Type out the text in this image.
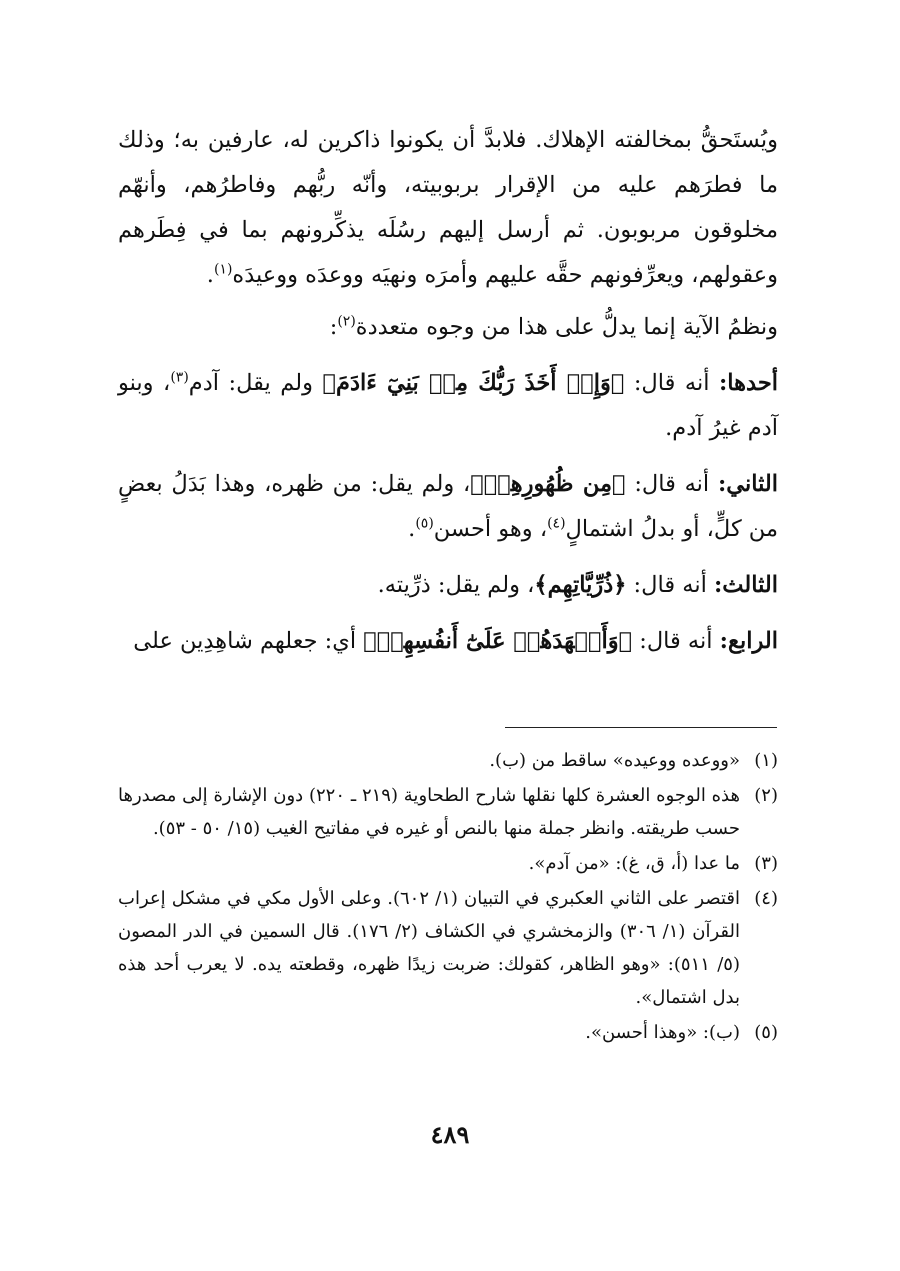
ويُستَحقُّ بمخالفته الإهلاك. فلابدَّ أن يكونوا ذاكرين له، عارفين به؛ وذلك ما فطرَهم عليه من الإقرار بربوبيته، وأنّه ربُّهم وفاطرُهم، وأنهّم مخلوقون مربوبون. ثم أرسل إليهم رسُلَه يذكِّرونهم بما في فِطَرهم وعقولهم، ويعرِّفونهم حقَّه عليهم وأمرَه ونهيَه ووعدَه ووعيدَه$^{(١)}$.

ونظمُ الآية إنما يدلُّ على هذا من وجوه متعددة$^{(٢)}$:

أحدها: أنه قال: ﴿وَإِذۡ أَخَذَ رَبُّكَ مِنۢ بَنِيٓ ءَادَمَ﴾ ولم يقل: آدم$^{(٣)}$، وبنو آدم غيرُ آدم.

الثاني: أنه قال: ﴿مِن ظُهُورِهِمۡ﴾، ولم يقل: من ظهره، وهذا بَدَلُ بعضٍ من كلٍّ، أو بدلُ اشتمالٍ$^{(٤)}$، وهو أحسن$^{(٥)}$.

الثالث: أنه قال: ﴿ذُرِّيَّاتِهِم﴾، ولم يقل: ذرِّيته.

الرابع: أنه قال: ﴿وَأَشۡهَدَهُمۡ عَلَىٰٓ أَنفُسِهِمۡ﴾ أي: جعلهم شاهِدِين على

(١)
«ووعده ووعيده» ساقط من (ب).
(٢)
هذه الوجوه العشرة كلها نقلها شارح الطحاوية (٢١٩ ـ ٢٢٠) دون الإشارة إلى مصدرها حسب طريقته. وانظر جملة منها بالنص أو غيره في مفاتيح الغيب (١٥/ ٥٠ - ٥٣).
(٣)
ما عدا (أ، ق، غ): «من آدم».
(٤)
اقتصر على الثاني العكبري في التبيان (١/ ٦٠٢). وعلى الأول مكي في مشكل إعراب القرآن (١/ ٣٠٦) والزمخشري في الكشاف (٢/ ١٧٦). قال السمين في الدر المصون (٥/ ٥١١): «وهو الظاهر، كقولك: ضربت زيدًا ظهره، وقطعته يده. لا يعرب أحد هذه بدل اشتمال».
(٥)
(ب): «وهذا أحسن».
٤٨٩
